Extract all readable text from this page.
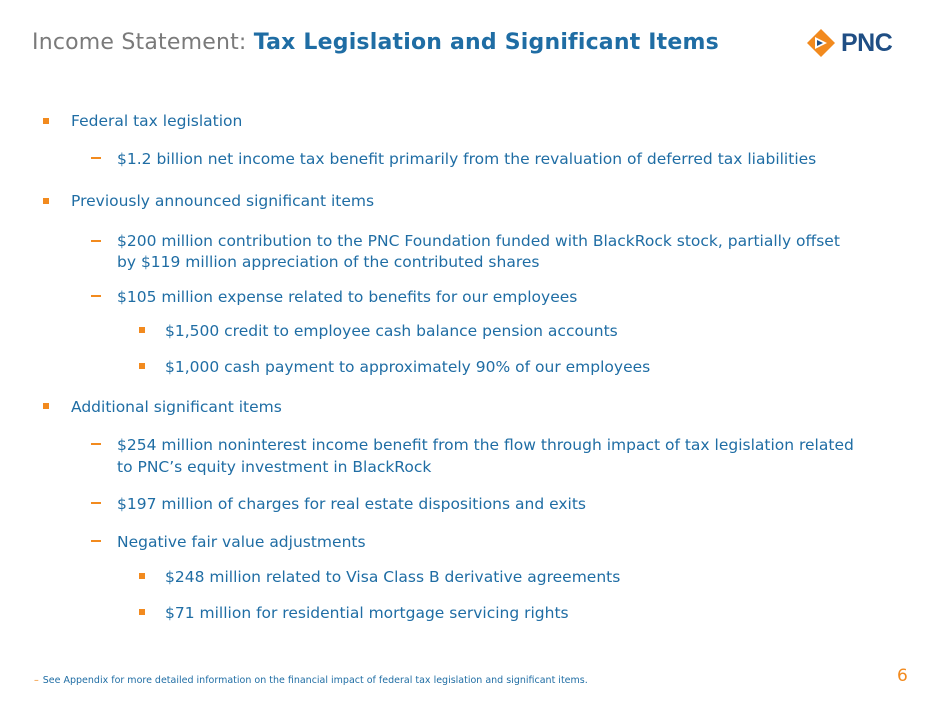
Income Statement: Tax Legislation and Significant Items	PNC
Federal tax legislation
$1.2 billion net income tax benefit primarily from the revaluation of deferred tax liabilities
Previously announced significant items
$200 million contribution to the PNC Foundation funded with BlackRock stock, partially offset
by $119 million appreciation of the contributed shares
$105 million expense related to benefits for our employees
$1,500 credit to employee cash balance pension accounts
$1,000 cash payment to approximately 90% of our employees
Additional significant items
$254 million noninterest income benefit from the flow through impact of tax legislation related
to PNC’s equity investment in BlackRock
$197 million of charges for real estate dispositions and exits
Negative fair value adjustments
$248 million related to Visa Class B derivative agreements
$71 million for residential mortgage servicing rights
– See Appendix for more detailed information on the financial impact of federal tax legislation and significant items.	6
